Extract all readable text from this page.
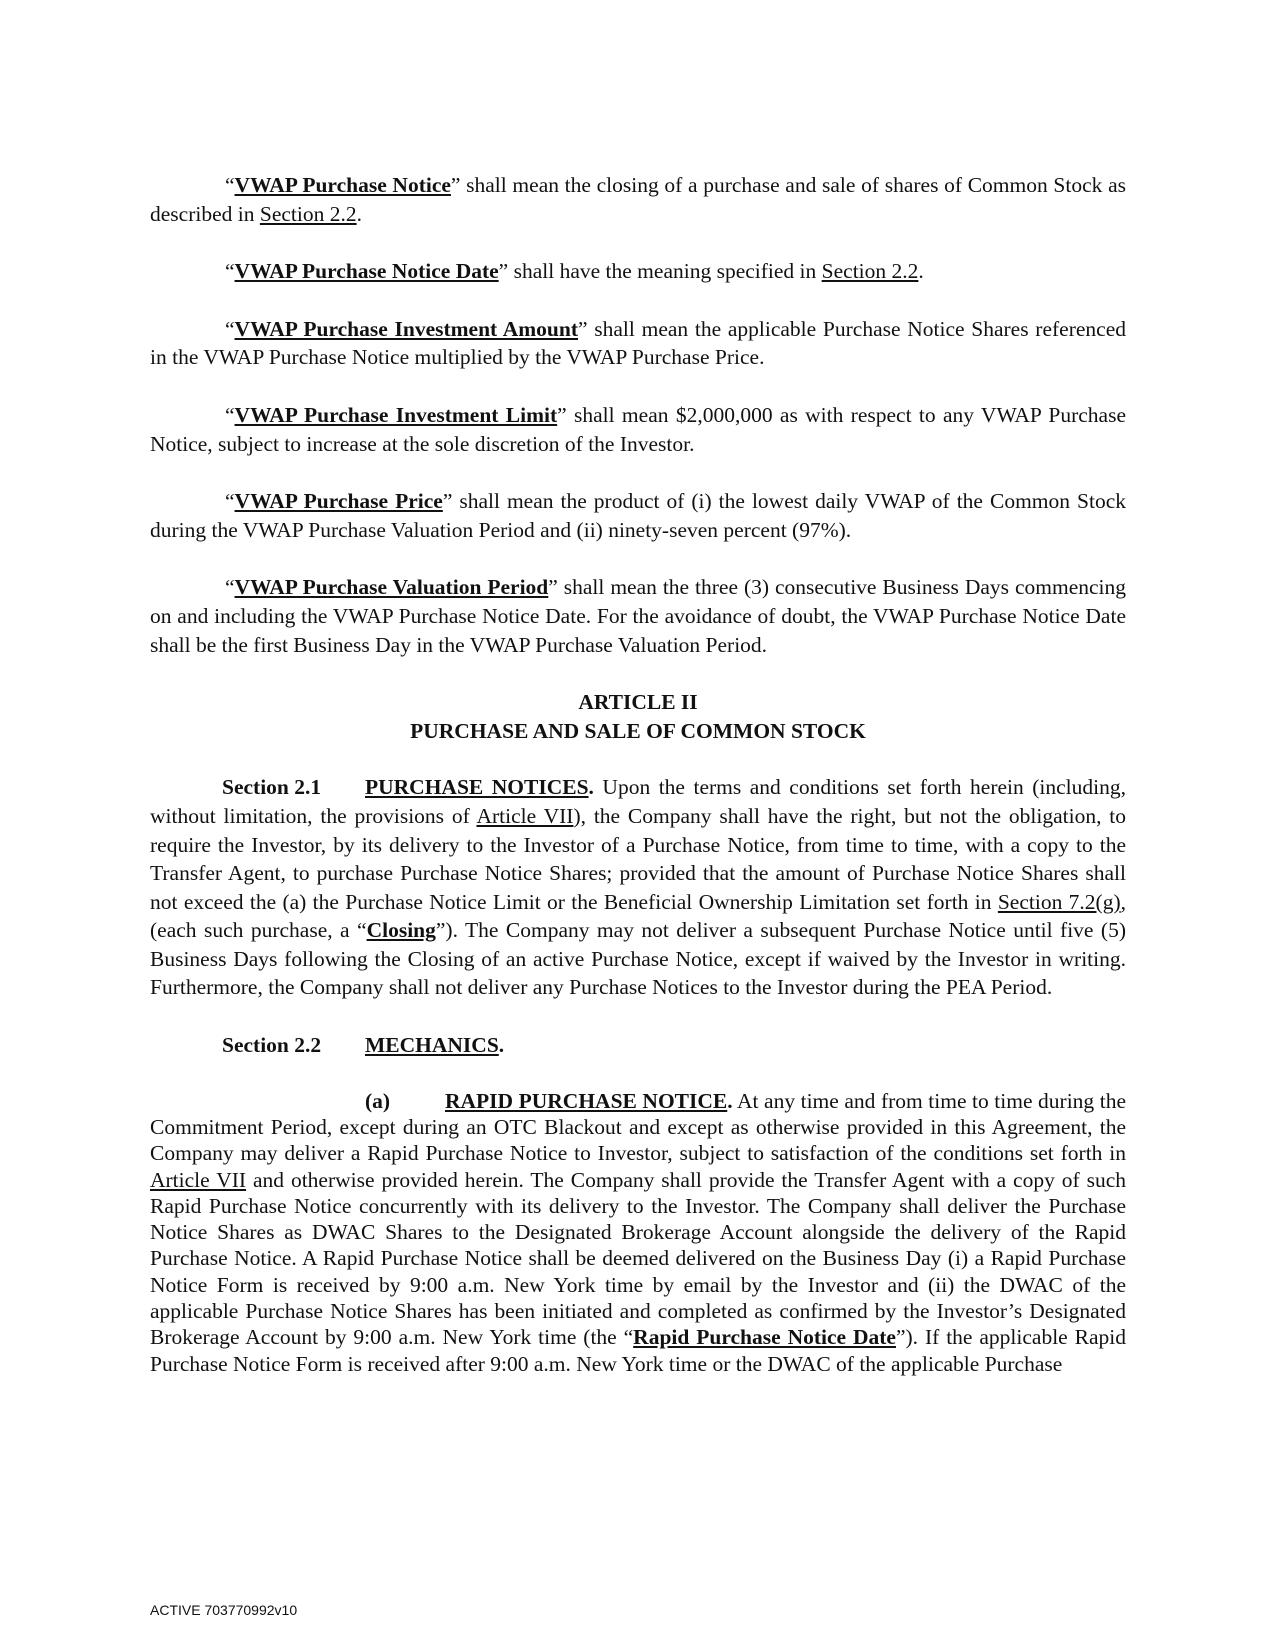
“VWAP Purchase Notice” shall mean the closing of a purchase and sale of shares of Common Stock as described in Section 2.2.

“VWAP Purchase Notice Date” shall have the meaning specified in Section 2.2.

“VWAP Purchase Investment Amount” shall mean the applicable Purchase Notice Shares referenced in the VWAP Purchase Notice multiplied by the VWAP Purchase Price.

“VWAP Purchase Investment Limit” shall mean $2,000,000 as with respect to any VWAP Purchase Notice, subject to increase at the sole discretion of the Investor.

“VWAP Purchase Price” shall mean the product of (i) the lowest daily VWAP of the Common Stock during the VWAP Purchase Valuation Period and (ii) ninety-seven percent (97%).

“VWAP Purchase Valuation Period” shall mean the three (3) consecutive Business Days commencing on and including the VWAP Purchase Notice Date. For the avoidance of doubt, the VWAP Purchase Notice Date shall be the first Business Day in the VWAP Purchase Valuation Period.

ARTICLE II
PURCHASE AND SALE OF COMMON STOCK

Section 2.1 PURCHASE NOTICES. Upon the terms and conditions set forth herein (including, without limitation, the provisions of Article VII), the Company shall have the right, but not the obligation, to require the Investor, by its delivery to the Investor of a Purchase Notice, from time to time, with a copy to the Transfer Agent, to purchase Purchase Notice Shares; provided that the amount of Purchase Notice Shares shall not exceed the (a) the Purchase Notice Limit or the Beneficial Ownership Limitation set forth in Section 7.2(g), (each such purchase, a “Closing”). The Company may not deliver a subsequent Purchase Notice until five (5) Business Days following the Closing of an active Purchase Notice, except if waived by the Investor in writing. Furthermore, the Company shall not deliver any Purchase Notices to the Investor during the PEA Period.

Section 2.2 MECHANICS.

(a)	RAPID PURCHASE NOTICE. At any time and from time to time during the Commitment Period, except during an OTC Blackout and except as otherwise provided in this Agreement, the Company may deliver a Rapid Purchase Notice to Investor, subject to satisfaction of the conditions set forth in Article VII and otherwise provided herein. The Company shall provide the Transfer Agent with a copy of such Rapid Purchase Notice concurrently with its delivery to the Investor. The Company shall deliver the Purchase Notice Shares as DWAC Shares to the Designated Brokerage Account alongside the delivery of the Rapid Purchase Notice. A Rapid Purchase Notice shall be deemed delivered on the Business Day (i) a Rapid Purchase Notice Form is received by 9:00 a.m. New York time by email by the Investor and (ii) the DWAC of the applicable Purchase Notice Shares has been initiated and completed as confirmed by the Investor’s Designated Brokerage Account by 9:00 a.m. New York time (the “Rapid Purchase Notice Date”). If the applicable Rapid Purchase Notice Form is received after 9:00 a.m. New York time or the DWAC of the applicable Purchase

ACTIVE 703770992v10
